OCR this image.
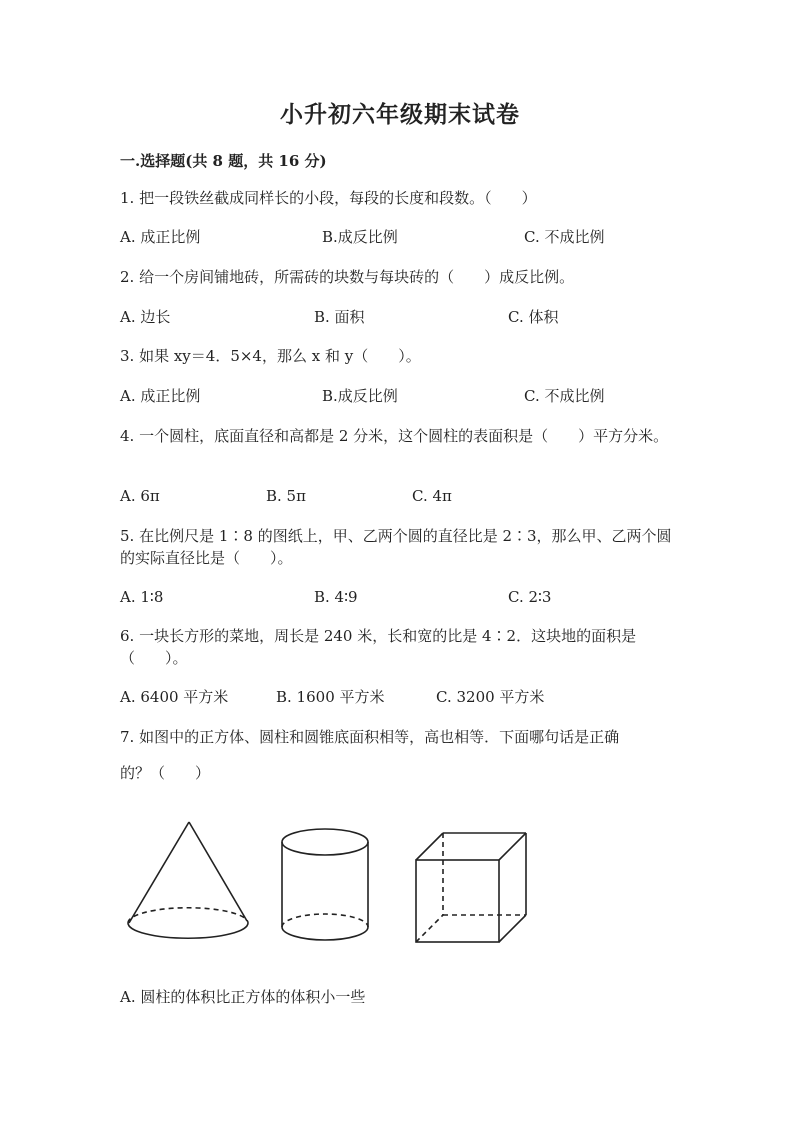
小升初六年级期末试卷
一.选择题(共 8 题，共 16 分)
1. 把一段铁丝截成同样长的小段，每段的长度和段数。（　　）
A. 成正比例	B.成反比例	C. 不成比例
2. 给一个房间铺地砖，所需砖的块数与每块砖的（　　）成反比例。
A. 边长	B. 面积	C. 体积
3. 如果 xy＝4．5×4，那么 x 和 y（　　）。
A. 成正比例	B.成反比例	C. 不成比例
4. 一个圆柱，底面直径和高都是 2 分米，这个圆柱的表面积是（　　）平方分米。
A. 6π	B. 5π	C. 4π
5. 在比例尺是 1∶8 的图纸上，甲、乙两个圆的直径比是 2∶3，那么甲、乙两个圆的实际直径比是（　　）。
A. 1∶8	B. 4∶9	C. 2∶3
6. 一块长方形的菜地，周长是 240 米，长和宽的比是 4∶2．这块地的面积是（　　）。
A. 6400 平方米	B. 1600 平方米	C. 3200 平方米
7. 如图中的正方体、圆柱和圆锥底面积相等，高也相等．下面哪句话是正确
的？（　　）
A. 圆柱的体积比正方体的体积小一些
